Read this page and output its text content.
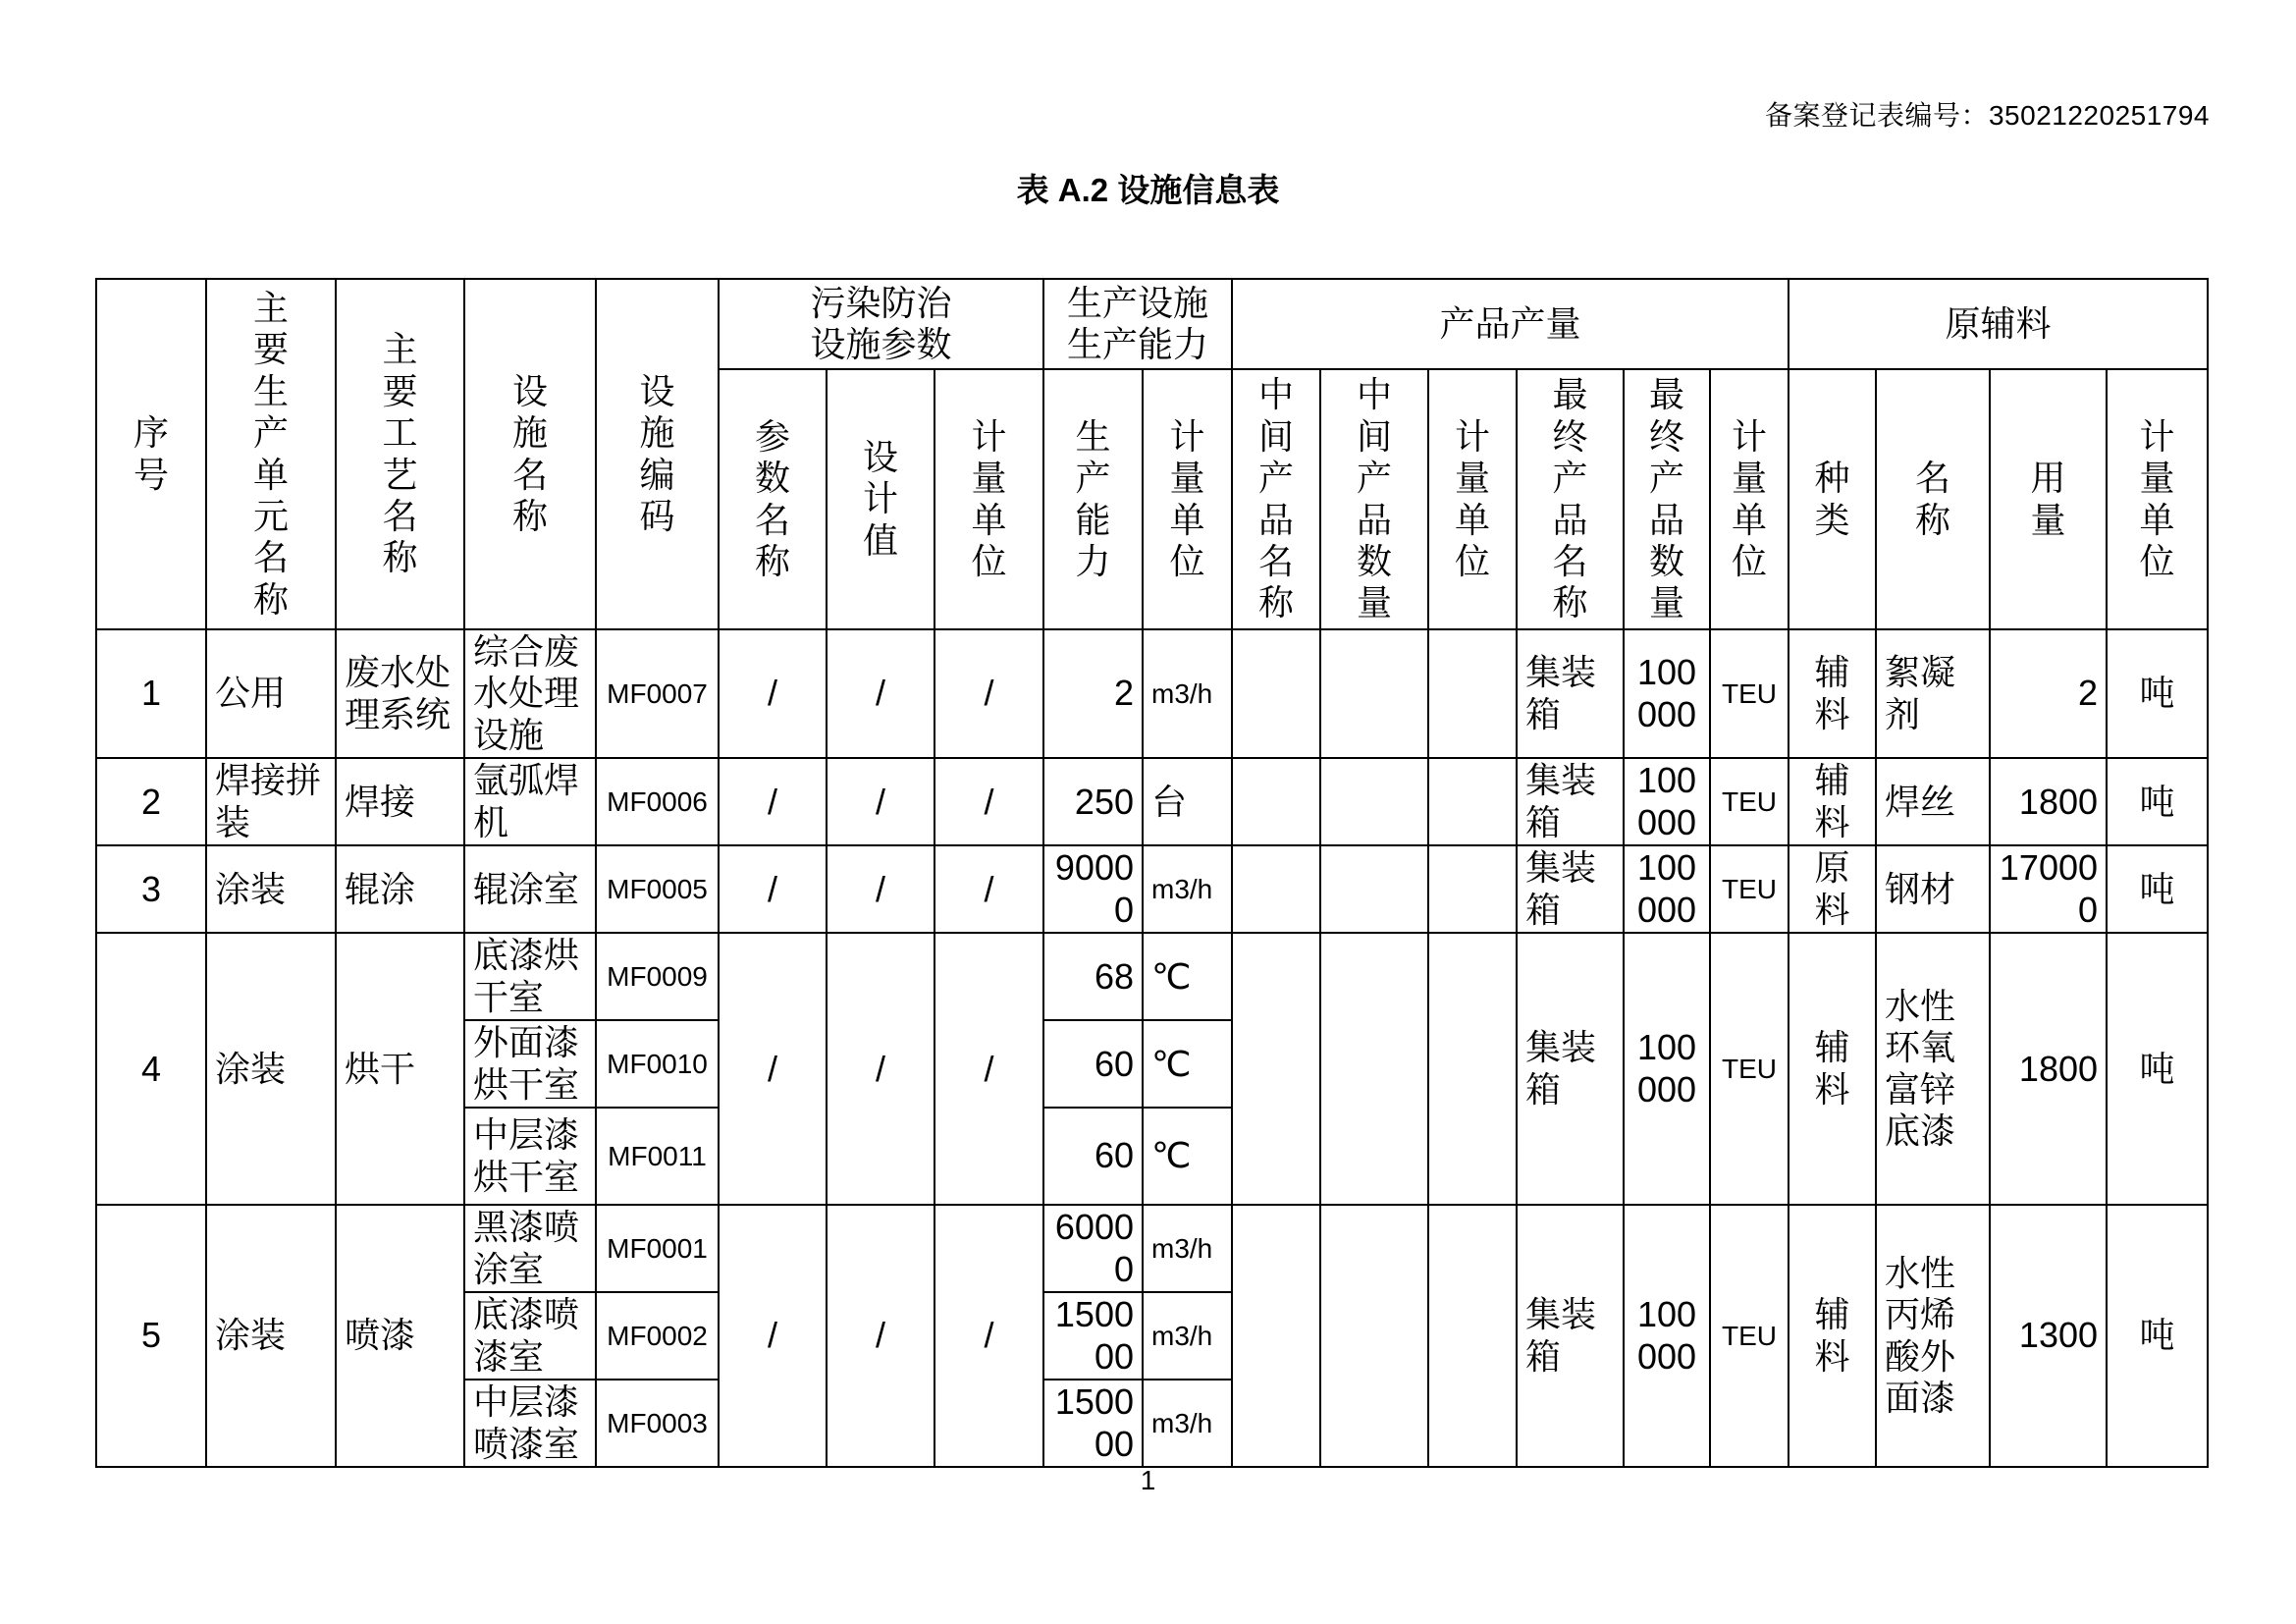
备案登记表编号：35021220251794
表 A.2 设施信息表
序号	主要生产单元名称	主要工艺名称	设施名称	设施编码	污染防治设施参数			生产设施生产能力		产品产量						原辅料			
					参数名称	设计值	计量单位	生产能力	计量单位	中间产品名称	中间产品数量	计量单位	最终产品名称	最终产品数量	计量单位	种类	名称	用量	计量单位
1	公用	废水处理系统	综合废水处理设施	MF0007	/	/	/	2	m3/h				集装箱	100 000	TEU	辅料	絮凝剂	2	吨
2	焊接拼装	焊接	氩弧焊机	MF0006	/	/	/	250	台				集装箱	100 000	TEU	辅料	焊丝	1800	吨
3	涂装	辊涂	辊涂室	MF0005	/	/	/	90000	m3/h				集装箱	100 000	TEU	原料	钢材	170000	吨
4	涂装	烘干	底漆烘干室	MF0009	/	/	/	68	℃				集装箱	100 000	TEU	辅料	水性环氧富锌底漆	1800	吨
			外面漆烘干室	MF0010				60	℃										
			中层漆烘干室	MF0011				60	℃										
5	涂装	喷漆	黑漆喷涂室	MF0001	/	/	/	60000	m3/h				集装箱	100 000	TEU	辅料	水性丙烯酸外面漆	1300	吨
			底漆喷漆室	MF0002				150000	m3/h										
			中层漆喷漆室	MF0003				150000	m3/h										
1
